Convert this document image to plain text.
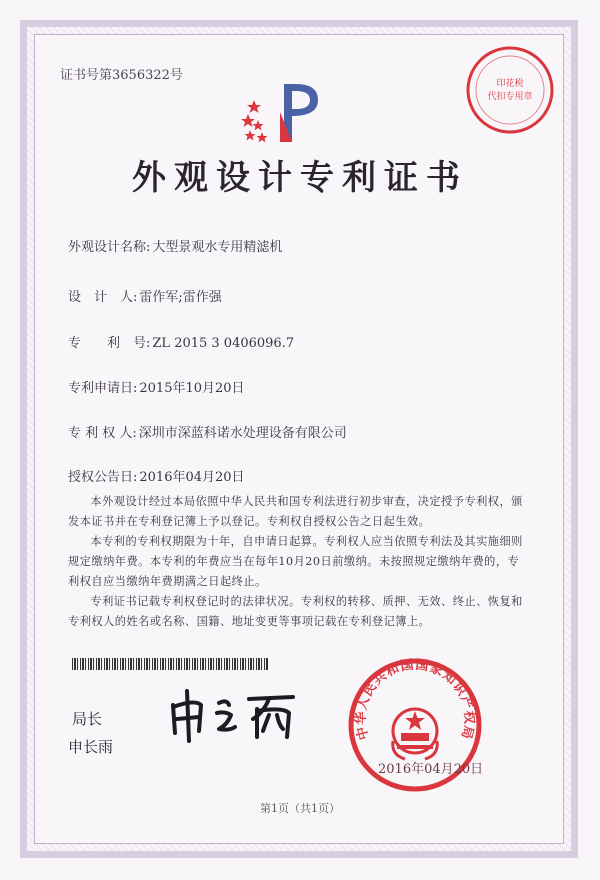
证书号第3656322号
印花税
代扣专用章
外观设计专利证书
外观设计名称: 大型景观水专用精滤机
设　计　人: 雷作军;雷作强
专　　利　号: ZL 2015 3 0406096.7
专利申请日: 2015年10月20日
专 利 权 人: 深圳市深蓝科诺水处理设备有限公司
授权公告日: 2016年04月20日
本外观设计经过本局依照中华人民共和国专利法进行初步审查，决定授予专利权，颁发本证书并在专利登记簿上予以登记。专利权自授权公告之日起生效。
本专利的专利权期限为十年，自申请日起算。专利权人应当依照专利法及其实施细则规定缴纳年费。本专利的年费应当在每年10月20日前缴纳。未按照规定缴纳年费的，专利权自应当缴纳年费期满之日起终止。
专利证书记载专利权登记时的法律状况。专利权的转移、质押、无效、终止、恢复和专利权人的姓名或名称、国籍、地址变更等事项记载在专利登记簿上。
局长
申长雨
中华人民共和国国家知识产权局
2016年04月20日
第1页（共1页）
